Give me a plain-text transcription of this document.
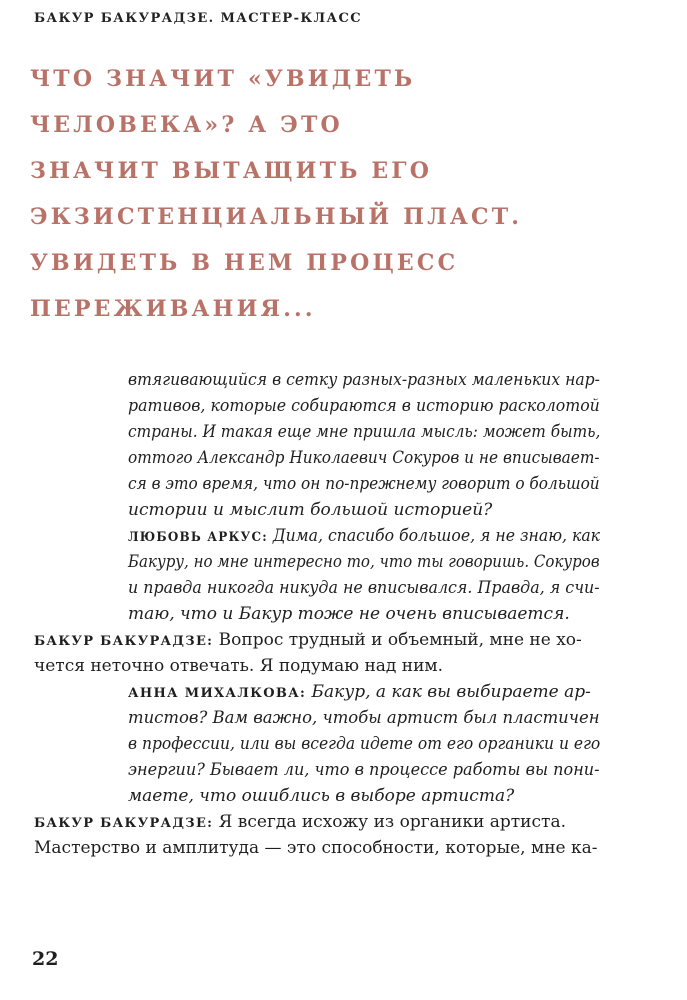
БАКУР БАКУРАДЗЕ. МАСТЕР-КЛАСС
ЧТО ЗНАЧИТ «УВИДЕТЬ
ЧЕЛОВЕКА»? А ЭТО
ЗНАЧИТ ВЫТАЩИТЬ ЕГО
ЭКЗИСТЕНЦИАЛЬНЫЙ ПЛАСТ.
УВИДЕТЬ В НЕМ ПРОЦЕСС
ПЕРЕЖИВАНИЯ...
втягивающийся в сетку разных-разных маленьких нар-
ративов, которые собираются в историю расколотой
страны. И такая еще мне пришла мысль: может быть,
оттого Александр Николаевич Сокуров и не вписывает-
ся в это время, что он по-прежнему говорит о большой
истории и мыслит большой историей?
ЛЮБОВЬ АРКУС: Дима, спасибо большое, я не знаю, как
Бакуру, но мне интересно то, что ты говоришь. Сокуров
и правда никогда никуда не вписывался. Правда, я счи-
таю, что и Бакур тоже не очень вписывается.
БАКУР БАКУРАДЗЕ: Вопрос трудный и объемный, мне не хо-
чется неточно отвечать. Я подумаю над ним.
АННА МИХАЛКОВА: Бакур, а как вы выбираете ар-
тистов? Вам важно, чтобы артист был пластичен
в профессии, или вы всегда идете от его органики и его
энергии? Бывает ли, что в процессе работы вы пони-
маете, что ошиблись в выборе артиста?
БАКУР БАКУРАДЗЕ: Я всегда исхожу из органики артиста.
Мастерство и амплитуда — это способности, которые, мне ка-
22
